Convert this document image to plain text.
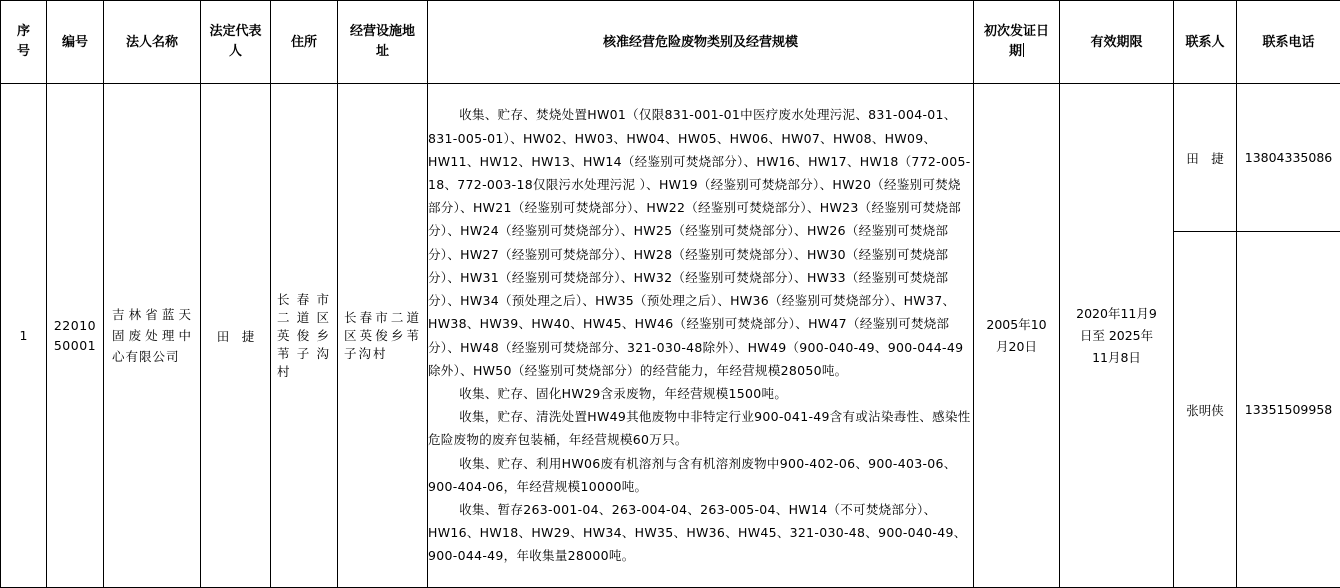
序号	编号	法人名称	法定代表人	住所	经营设施地址	核准经营危险废物类别及经营规模	初次发证日期	有效期限	联系人	联系电话
1	2201050001	吉林省蓝天固废处理中心有限公司	田　捷	长春市二道区英俊乡苇子沟村	长春市二道区英俊乡苇子沟村	收集、贮存、焚烧处置HW01（仅限831-001-01中医疗废水处理污泥、831-004-01、831-005-01）、HW02、HW03、HW04、HW05、HW06、HW07、HW08、HW09、HW11、HW12、HW13、HW14（经鉴别可焚烧部分）、HW16、HW17、HW18（772-005-18、772-003-18仅限污水处理污泥 ）、HW19（经鉴别可焚烧部分）、HW20（经鉴别可焚烧部分）、HW21（经鉴别可焚烧部分）、HW22（经鉴别可焚烧部分）、HW23（经鉴别可焚烧部分）、HW24（经鉴别可焚烧部分）、HW25（经鉴别可焚烧部分）、HW26（经鉴别可焚烧部分）、HW27（经鉴别可焚烧部分）、HW28（经鉴别可焚烧部分）、HW30（经鉴别可焚烧部分）、HW31（经鉴别可焚烧部分）、HW32（经鉴别可焚烧部分）、HW33（经鉴别可焚烧部分）、HW34（预处理之后）、HW35（预处理之后）、HW36（经鉴别可焚烧部分）、HW37、HW38、HW39、HW40、HW45、HW46（经鉴别可焚烧部分）、HW47（经鉴别可焚烧部分）、HW48（经鉴别可焚烧部分、321-030-48除外）、HW49（900-040-49、900-044-49除外）、HW50（经鉴别可焚烧部分）的经营能力，年经营规模28050吨。

收集、贮存、固化HW29含汞废物，年经营规模1500吨。

收集，贮存、清洗处置HW49其他废物中非特定行业900-041-49含有或沾染毒性、感染性危险废物的废弃包装桶，年经营规模60万只。

收集、贮存、利用HW06废有机溶剂与含有机溶剂废物中900-402-06、900-403-06、900-404-06，年经营规模10000吨。

收集、暂存263-001-04、263-004-04、263-005-04、HW14（不可焚烧部分）、HW16、HW18、HW29、HW34、HW35、HW36、HW45、321-030-48、900-040-49、900-044-49，年收集量28000吨。	2005年10月20日	2020年11月9日至 2025年11月8日	田　捷	13804335086
									张明侠	13351509958
